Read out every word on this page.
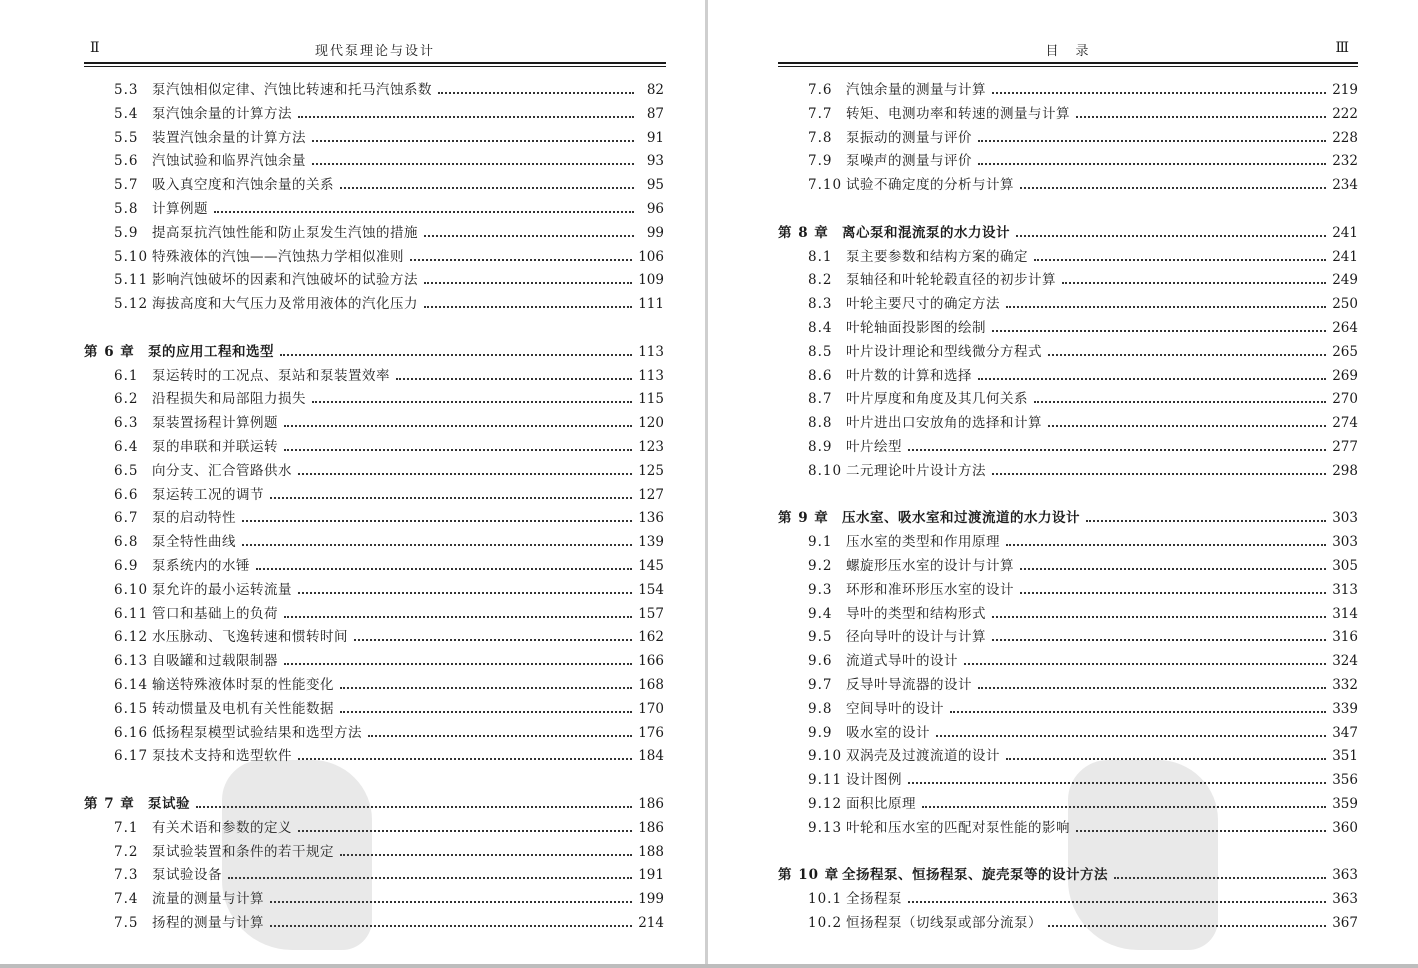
Ⅱ	现代泵理论与设计
5.3	泵汽蚀相似定律、汽蚀比转速和托马汽蚀系数	82
5.4	泵汽蚀余量的计算方法	87
5.5	装置汽蚀余量的计算方法	91
5.6	汽蚀试验和临界汽蚀余量	93
5.7	吸入真空度和汽蚀余量的关系	95
5.8	计算例题	96
5.9	提高泵抗汽蚀性能和防止泵发生汽蚀的措施	99
5.10 特殊液体的汽蚀——汽蚀热力学相似准则	106
5.11 影响汽蚀破坏的因素和汽蚀破坏的试验方法	109
5.12 海拔高度和大气压力及常用液体的汽化压力	111
第 6 章 泵的应用工程和选型	113
6.1	泵运转时的工况点、泵站和泵装置效率	113
6.2	沿程损失和局部阻力损失	115
6.3	泵装置扬程计算例题	120
6.4	泵的串联和并联运转	123
6.5	向分支、汇合管路供水	125
6.6	泵运转工况的调节	127
6.7	泵的启动特性	136
6.8	泵全特性曲线	139
6.9	泵系统内的水锤	145
6.10 泵允许的最小运转流量	154
6.11 管口和基础上的负荷	157
6.12 水压脉动、飞逸转速和惯转时间	162
6.13 自吸罐和过载限制器	166
6.14 输送特殊液体时泵的性能变化	168
6.15 转动惯量及电机有关性能数据	170
6.16 低扬程泵模型试验结果和选型方法	176
6.17 泵技术支持和选型软件	184
第 7 章 泵试验	186
7.1	有关术语和参数的定义	186
7.2	泵试验装置和条件的若干规定	188
7.3	泵试验设备	191
7.4	流量的测量与计算	199
7.5	扬程的测量与计算	214
目　录	Ⅲ
7.6	汽蚀余量的测量与计算	219
7.7	转矩、电测功率和转速的测量与计算	222
7.8	泵振动的测量与评价	228
7.9	泵噪声的测量与评价	232
7.10 试验不确定度的分析与计算	234
第 8 章 离心泵和混流泵的水力设计	241
8.1	泵主要参数和结构方案的确定	241
8.2	泵轴径和叶轮轮毂直径的初步计算	249
8.3	叶轮主要尺寸的确定方法	250
8.4	叶轮轴面投影图的绘制	264
8.5	叶片设计理论和型线微分方程式	265
8.6	叶片数的计算和选择	269
8.7	叶片厚度和角度及其几何关系	270
8.8	叶片进出口安放角的选择和计算	274
8.9	叶片绘型	277
8.10 二元理论叶片设计方法	298
第 9 章 压水室、吸水室和过渡流道的水力设计	303
9.1	压水室的类型和作用原理	303
9.2	螺旋形压水室的设计与计算	305
9.3	环形和准环形压水室的设计	313
9.4	导叶的类型和结构形式	314
9.5	径向导叶的设计与计算	316
9.6	流道式导叶的设计	324
9.7	反导叶导流器的设计	332
9.8	空间导叶的设计	339
9.9	吸水室的设计	347
9.10 双涡壳及过渡流道的设计	351
9.11 设计图例	356
9.12 面积比原理	359
9.13 叶轮和压水室的匹配对泵性能的影响	360
第 10 章 全扬程泵、恒扬程泵、旋壳泵等的设计方法	363
10.1 全扬程泵	363
10.2 恒扬程泵（切线泵或部分流泵）	367
